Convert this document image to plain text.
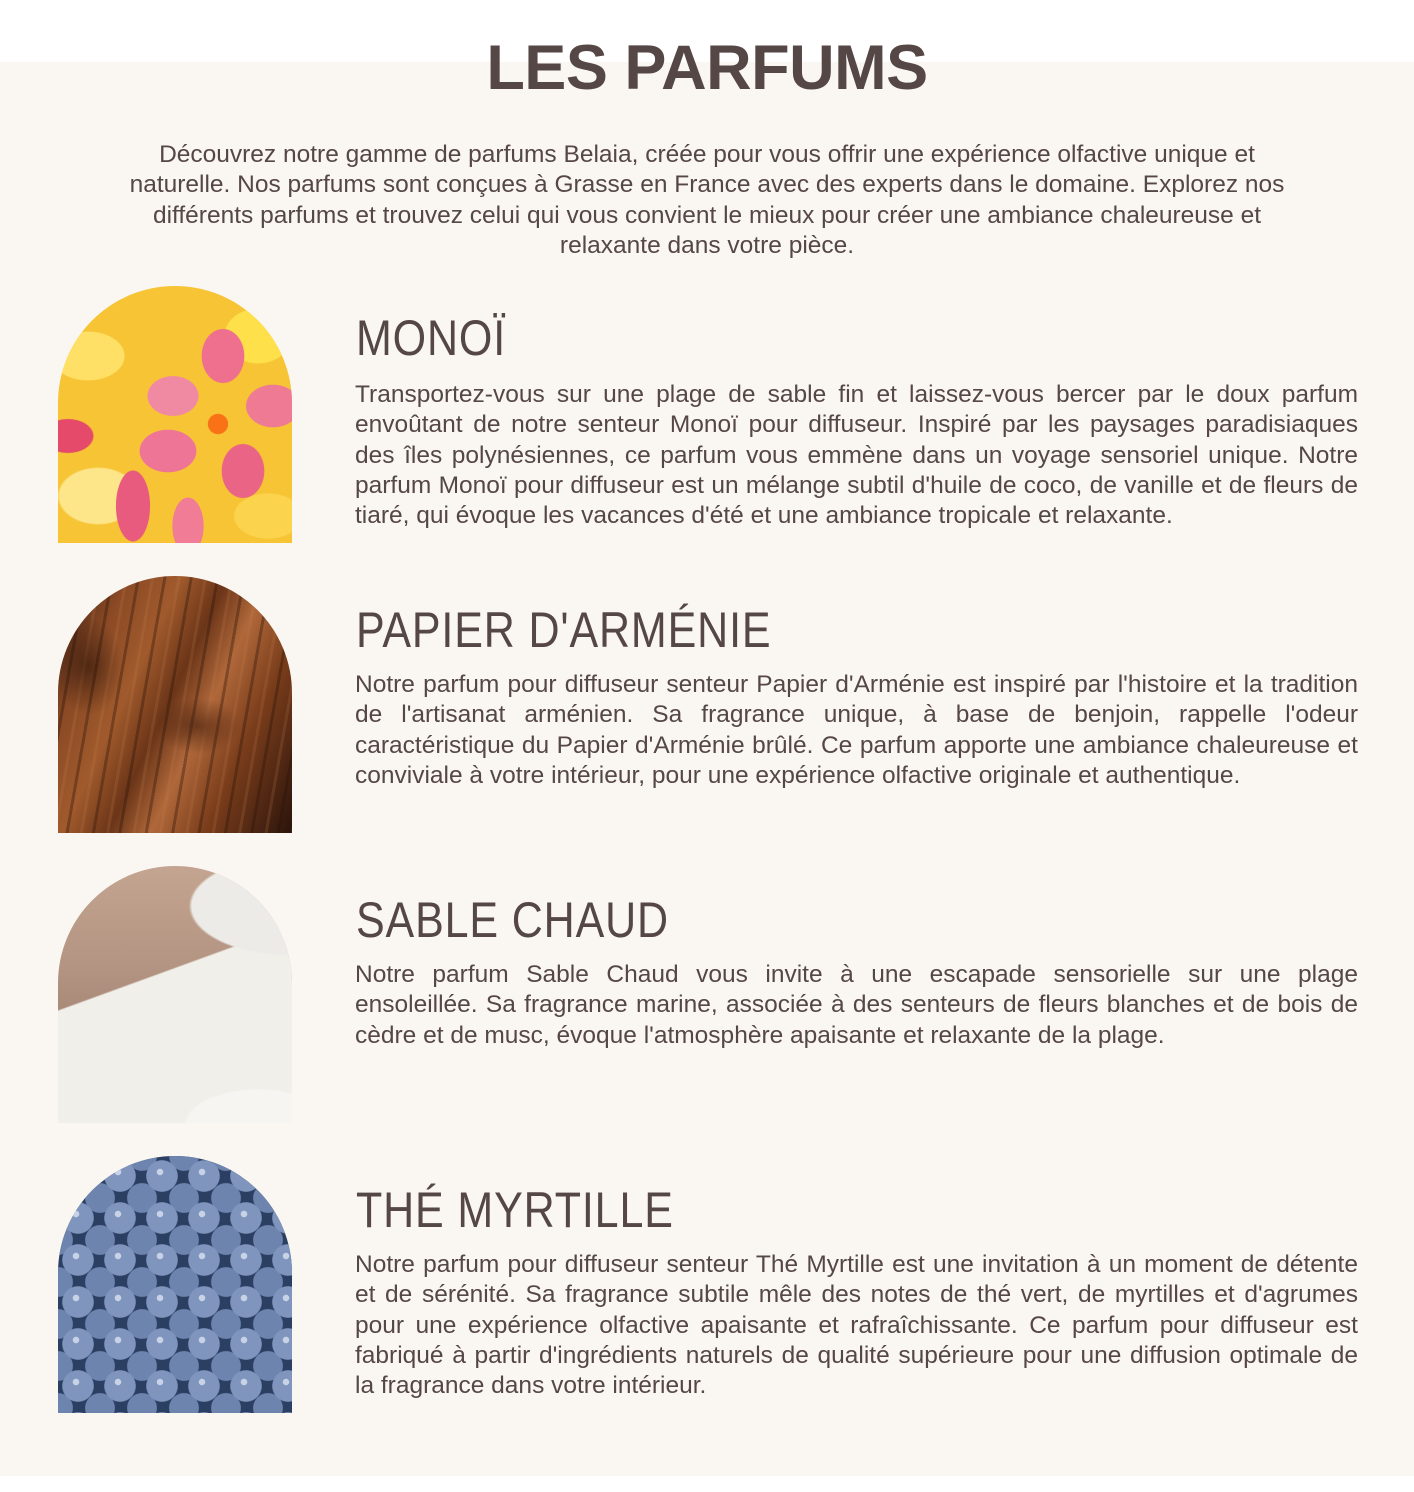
LES PARFUMS

Découvrez notre gamme de parfums Belaia, créée pour vous offrir une expérience olfactive unique et naturelle. Nos parfums sont conçues à Grasse en France avec des experts dans le domaine. Explorez nos différents parfums et trouvez celui qui vous convient le mieux pour créer une ambiance chaleureuse et relaxante dans votre pièce.

MONOÏ

Transportez-vous sur une plage de sable fin et laissez-vous bercer par le doux parfum envoûtant de notre senteur Monoï pour diffuseur. Inspiré par les paysages paradisiaques des îles polynésiennes, ce parfum vous emmène dans un voyage sensoriel unique. Notre parfum Monoï pour diffuseur est un mélange subtil d'huile de coco, de vanille et de fleurs de tiaré, qui évoque les vacances d'été et une ambiance tropicale et relaxante.

PAPIER D'ARMÉNIE

Notre parfum pour diffuseur senteur Papier d'Arménie est inspiré par l'histoire et la tradition de l'artisanat arménien. Sa fragrance unique, à base de benjoin, rappelle l'odeur caractéristique du Papier d'Arménie brûlé. Ce parfum apporte une ambiance chaleureuse et conviviale à votre intérieur, pour une expérience olfactive originale et authentique.

SABLE CHAUD

Notre parfum Sable Chaud vous invite à une escapade sensorielle sur une plage ensoleillée. Sa fragrance marine, associée à des senteurs de fleurs blanches et de bois de cèdre et de musc, évoque l'atmosphère apaisante et relaxante de la plage.

THÉ MYRTILLE

Notre parfum pour diffuseur senteur Thé Myrtille est une invitation à un moment de détente et de sérénité. Sa fragrance subtile mêle des notes de thé vert, de myrtilles et d'agrumes pour une expérience olfactive apaisante et rafraîchissante. Ce parfum pour diffuseur est fabriqué à partir d'ingrédients naturels de qualité supérieure pour une diffusion optimale de la fragrance dans votre intérieur.
